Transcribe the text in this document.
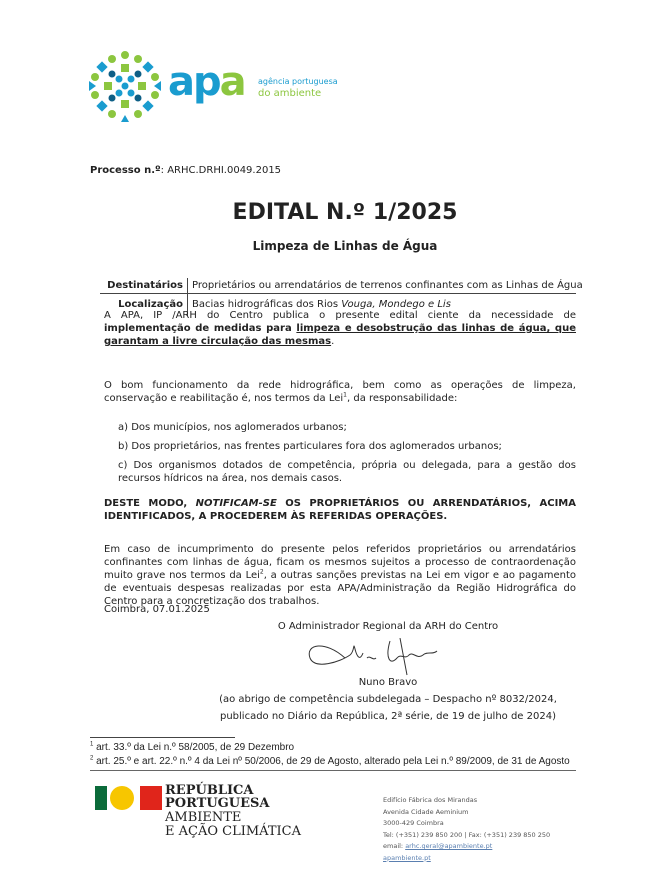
apa agência portuguesa
do ambiente
Processo n.º: ARHC.DRHI.0049.2015
EDITAL N.º 1/2025
Limpeza de Linhas de Água
Destinatários Proprietários ou arrendatários de terrenos confinantes com as Linhas de Água
Localização Bacias hidrográficas dos Rios Vouga, Mondego e Lis
A APA, IP /ARH do Centro publica o presente edital ciente da necessidade de implementação de medidas para limpeza e desobstrução das linhas de água, que garantam a livre circulação das mesmas.
O bom funcionamento da rede hidrográfica, bem como as operações de limpeza, conservação e reabilitação é, nos termos da Lei$^1$, da responsabilidade:
a) Dos municípios, nos aglomerados urbanos;
b) Dos proprietários, nas frentes particulares fora dos aglomerados urbanos;
c) Dos organismos dotados de competência, própria ou delegada, para a gestão dos recursos hídricos na área, nos demais casos.
DESTE MODO, NOTIFICAM-SE OS PROPRIETÁRIOS OU ARRENDATÁRIOS, ACIMA IDENTIFICADOS, A PROCEDEREM ÀS REFERIDAS OPERAÇÕES.
Em caso de incumprimento do presente pelos referidos proprietários ou arrendatários confinantes com linhas de água, ficam os mesmos sujeitos a processo de contraordenação muito grave nos termos da Lei$^2$, a outras sanções previstas na Lei em vigor e ao pagamento de eventuais despesas realizadas por esta APA/Administração da Região Hidrográfica do Centro para a concretização dos trabalhos.
Coimbra, 07.01.2025
O Administrador Regional da ARH do Centro
Nuno Bravo
(ao abrigo de competência subdelegada – Despacho nº 8032/2024,
publicado no Diário da República, 2ª série, de 19 de julho de 2024)
$^1$ art. 33.º da Lei n.º 58/2005, de 29 Dezembro
$^2$ art. 25.º e art. 22.º n.º 4 da Lei nº 50/2006, de 29 de Agosto, alterado pela Lei n.º 89/2009, de 31 de Agosto
REPÚBLICA
PORTUGUESA
AMBIENTE
E AÇÃO CLIMÁTICA
Edifício Fábrica dos Mirandas
Avenida Cidade Aeminium
3000-429 Coimbra
Tel: (+351) 239 850 200 | Fax: (+351) 239 850 250
email: arhc.geral@apambiente.pt
apambiente.pt
